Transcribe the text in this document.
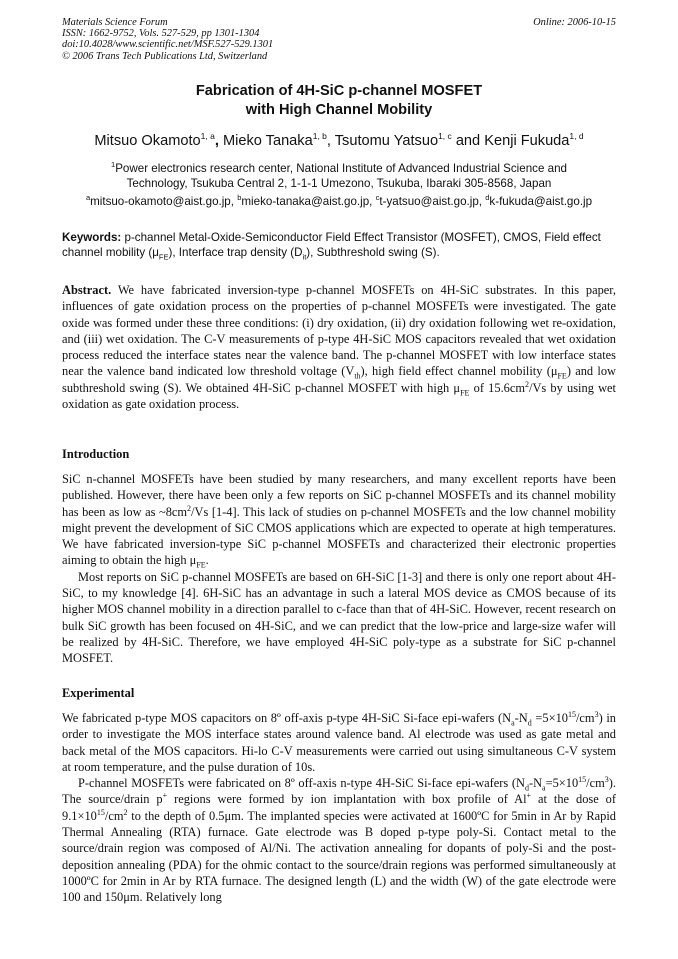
Materials Science Forum
ISSN: 1662-9752, Vols. 527-529, pp 1301-1304
doi:10.4028/www.scientific.net/MSF.527-529.1301
© 2006 Trans Tech Publications Ltd, Switzerland
Online: 2006-10-15
Fabrication of 4H-SiC p-channel MOSFET
with High Channel Mobility
Mitsuo Okamoto$^{1, a}$, Mieko Tanaka$^{1, b}$, Tsutomu Yatsuo$^{1, c}$ and Kenji Fukuda$^{1, d}$
$^1$Power electronics research center, National Institute of Advanced Industrial Science and
Technology, Tsukuba Central 2, 1-1-1 Umezono, Tsukuba, Ibaraki 305-8568, Japan
$^a$mitsuo-okamoto@aist.go.jp, $^b$mieko-tanaka@aist.go.jp, $^c$t-yatsuo@aist.go.jp, $^d$k-fukuda@aist.go.jp
Keywords: p-channel Metal-Oxide-Semiconductor Field Effect Transistor (MOSFET), CMOS, Field effect channel mobility $(\mu_{FE})$, Interface trap density $(D_{it})$, Subthreshold swing (S).

Abstract. We have fabricated inversion-type p-channel MOSFETs on 4H-SiC substrates. In this paper, influences of gate oxidation process on the properties of p-channel MOSFETs were investigated. The gate oxide was formed under these three conditions: (i) dry oxidation, (ii) dry oxidation following wet re-oxidation, and (iii) wet oxidation. The C-V measurements of p-type 4H-SiC MOS capacitors revealed that wet oxidation process reduced the interface states near the valence band. The p-channel MOSFET with low interface states near the valence band indicated low threshold voltage $(V_{th})$, high field effect channel mobility $(\mu_{FE})$ and low subthreshold swing (S). We obtained 4H-SiC p-channel MOSFET with high $\mu_{FE}$ of $15.6cm^2/Vs$ by using wet oxidation as gate oxidation process.

Introduction

SiC n-channel MOSFETs have been studied by many researchers, and many excellent reports have been published. However, there have been only a few reports on SiC p-channel MOSFETs and its channel mobility has been as low as $\sim 8cm^2/Vs$ [1-4]. This lack of studies on p-channel MOSFETs and the low channel mobility might prevent the development of SiC CMOS applications which are expected to operate at high temperatures. We have fabricated inversion-type SiC p-channel MOSFETs and characterized their electronic properties aiming to obtain the high $\mu_{FE}$.

Most reports on SiC p-channel MOSFETs are based on 6H-SiC [1-3] and there is only one report about 4H-SiC, to my knowledge [4]. 6H-SiC has an advantage in such a lateral MOS device as CMOS because of its higher MOS channel mobility in a direction parallel to c-face than that of 4H-SiC. However, recent research on bulk SiC growth has been focused on 4H-SiC, and we can predict that the low-price and large-size wafer will be realized by 4H-SiC. Therefore, we have employed 4H-SiC poly-type as a substrate for SiC p-channel MOSFET.

Experimental

We fabricated p-type MOS capacitors on 8º off-axis p-type 4H-SiC Si-face epi-wafers $(N_a-N_d =5\times 10^{15}/cm^3)$ in order to investigate the MOS interface states around valence band. Al electrode was used as gate metal and back metal of the MOS capacitors. Hi-lo C-V measurements were carried out using simultaneous C-V system at room temperature, and the pulse duration of 10s.

P-channel MOSFETs were fabricated on 8º off-axis n-type 4H-SiC Si-face epi-wafers $(N_d-N_a=5\times 10^{15}/cm^3)$. The source/drain p+ regions were formed by ion implantation with box profile of Al+ at the dose of $9.1\times 10^{15}/cm^2$ to the depth of 0.5μm. The implanted species were activated at 1600ºC for 5min in Ar by Rapid Thermal Annealing (RTA) furnace. Gate electrode was B doped p-type poly-Si. Contact metal to the source/drain region was composed of Al/Ni. The activation annealing for dopants of poly-Si and the post-deposition annealing (PDA) for the ohmic contact to the source/drain regions was performed simultaneously at 1000ºC for 2min in Ar by RTA furnace. The designed length (L) and the width (W) of the gate electrode were 100 and 150μm. Relatively long
